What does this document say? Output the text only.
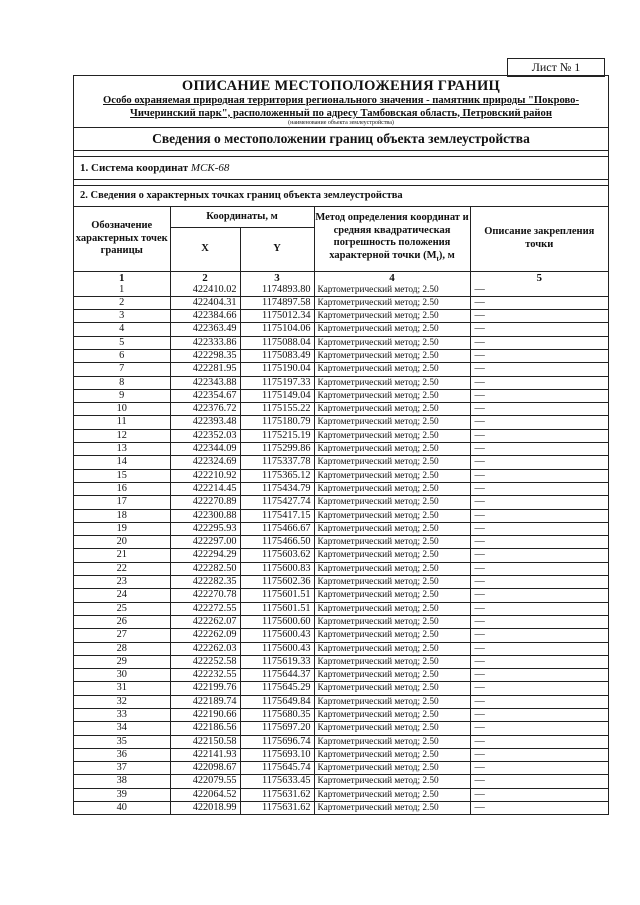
Лист № 1
ОПИСАНИЕ МЕСТОПОЛОЖЕНИЯ ГРАНИЦ
Особо охраняемая природная территория регионального значения - памятник природы "Покрово-
Чичеринский парк", расположенный по адресу Тамбовская область, Петровский район
(наименование объекта землеустройства)
Сведения о местоположении границ объекта землеустройства
1. Система координат МСК-68
2. Сведения о характерных точках границ объекта землеустройства
Обозначение характерных точек границы	Координаты, м		Метод определения координат и средняя квадратическая погрешность положения характерной точки $(М_t)$, м	Описание закрепления точки
	X	Y		
1	2	3	4	5
1	422410.02	1174893.80	Картометрический метод; 2.50	—
2	422404.31	1174897.58	Картометрический метод; 2.50	—
3	422384.66	1175012.34	Картометрический метод; 2.50	—
4	422363.49	1175104.06	Картометрический метод; 2.50	—
5	422333.86	1175088.04	Картометрический метод; 2.50	—
6	422298.35	1175083.49	Картометрический метод; 2.50	—
7	422281.95	1175190.04	Картометрический метод; 2.50	—
8	422343.88	1175197.33	Картометрический метод; 2.50	—
9	422354.67	1175149.04	Картометрический метод; 2.50	—
10	422376.72	1175155.22	Картометрический метод; 2.50	—
11	422393.48	1175180.79	Картометрический метод; 2.50	—
12	422352.03	1175215.19	Картометрический метод; 2.50	—
13	422344.09	1175299.86	Картометрический метод; 2.50	—
14	422324.69	1175337.78	Картометрический метод; 2.50	—
15	422210.92	1175365.12	Картометрический метод; 2.50	—
16	422214.45	1175434.79	Картометрический метод; 2.50	—
17	422270.89	1175427.74	Картометрический метод; 2.50	—
18	422300.88	1175417.15	Картометрический метод; 2.50	—
19	422295.93	1175466.67	Картометрический метод; 2.50	—
20	422297.00	1175466.50	Картометрический метод; 2.50	—
21	422294.29	1175603.62	Картометрический метод; 2.50	—
22	422282.50	1175600.83	Картометрический метод; 2.50	—
23	422282.35	1175602.36	Картометрический метод; 2.50	—
24	422270.78	1175601.51	Картометрический метод; 2.50	—
25	422272.55	1175601.51	Картометрический метод; 2.50	—
26	422262.07	1175600.60	Картометрический метод; 2.50	—
27	422262.09	1175600.43	Картометрический метод; 2.50	—
28	422262.03	1175600.43	Картометрический метод; 2.50	—
29	422252.58	1175619.33	Картометрический метод; 2.50	—
30	422232.55	1175644.37	Картометрический метод; 2.50	—
31	422199.76	1175645.29	Картометрический метод; 2.50	—
32	422189.74	1175649.84	Картометрический метод; 2.50	—
33	422190.66	1175680.35	Картометрический метод; 2.50	—
34	422186.56	1175697.20	Картометрический метод; 2.50	—
35	422150.58	1175696.74	Картометрический метод; 2.50	—
36	422141.93	1175693.10	Картометрический метод; 2.50	—
37	422098.67	1175645.74	Картометрический метод; 2.50	—
38	422079.55	1175633.45	Картометрический метод; 2.50	—
39	422064.52	1175631.62	Картометрический метод; 2.50	—
40	422018.99	1175631.62	Картометрический метод; 2.50	—
